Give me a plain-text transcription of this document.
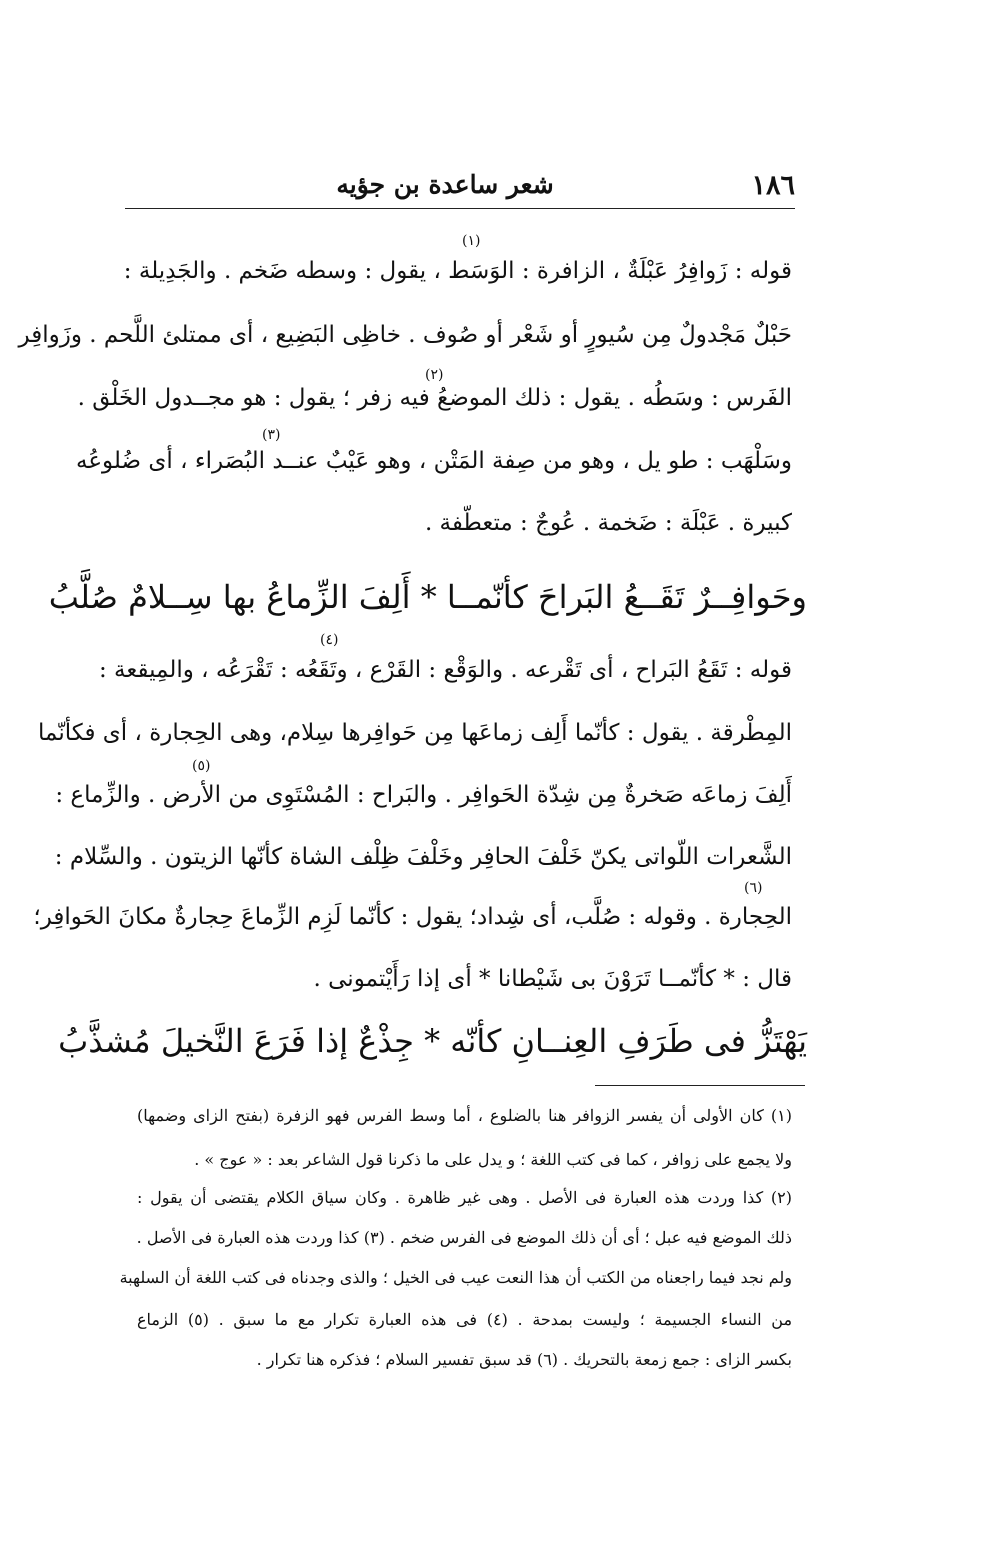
١٨٦
شعر ساعدة بن جؤيه
(١)
(٢)
(٣)
(٤)
(٥)
(٦)
قوله : زَوافِرُ عَبْلَةٌ ، الزافرة : الوَسَط ، يقول : وسطه ضَخم . والجَدِيلة :
حَبْلٌ مَجْدولٌ مِن سُيورٍ أو شَعْر أو صُوف . خاظِى البَضِيع ، أى ممتلئ اللَّحم . وزَوافِر
الفَرس : وسَطُه . يقول : ذلك الموضعُ فيه زفر ؛ يقول : هو مجــدول الخَلْق .
وسَلْهَب : طو يل ، وهو من صِفة المَتْن ، وهو عَيْبٌ عنــد البُصَراء ، أى ضُلوعُه
كبيرة . عَبْلَة : ضَخمة . عُوجٌ : متعطّفة .
وحَوافِــرٌ تَقَــعُ البَراحَ كأنّمــا * أَلِفَ الزِّماعُ بها سِــلامٌ صُلَّبُ
قوله : تَقَعُ البَراح ، أى تَقْرعه . والوَقْع : القَرْع ، وتَقَعُه : تَقْرَعُه ، والمِيقعة :
المِطْرقة . يقول : كأنّما أَلِف زماعَها مِن حَوافِرها سِلام، وهى الحِجارة ، أى فكأنّما
أَلِفَ زماعَه صَخرةٌ مِن شِدّة الحَوافِر . والبَراح : المُسْتَوِى من الأرض . والزِّماع :
الشَّعرات اللّواتى يكنّ خَلْفَ الحافِر وخَلْفَ ظِلْف الشاة كأنّها الزيتون . والسِّلام :
الحِجارة . وقوله : صُلَّب، أى شِداد؛ يقول : كأنّما لَزِم الزِّماعَ حِجارةٌ مكانَ الحَوافِر؛
قال : * كأنّمــا تَرَوْنَ بى شَيْطانا * أى إذا رَأَيْتمونى .
يَهْتَزُّ فى طَرَفِ العِنــانِ كأنّه * جِذْعٌ إذا فَرَعَ النَّخيلَ مُشذَّبُ
(١) كان الأولى أن يفسر الزوافر هنا بالضلوع ، أما وسط الفرس فهو الزفرة (بفتح الزاى وضمها)
ولا يجمع على زوافر ، كما فى كتب اللغة ؛ و يدل على ما ذكرنا قول الشاعر بعد : « عوج » .
(٢) كذا وردت هذه العبارة فى الأصل . وهى غير ظاهرة . وكان سياق الكلام يقتضى أن يقول :
ذلك الموضع فيه عبل ؛ أى أن ذلك الموضع فى الفرس ضخم . (٣) كذا وردت هذه العبارة فى الأصل .
ولم نجد فيما راجعناه من الكتب أن هذا النعت عيب فى الخيل ؛ والذى وجدناه فى كتب اللغة أن السلهبة
من النساء الجسيمة ؛ وليست بمدحة . (٤) فى هذه العبارة تكرار مع ما سبق . (٥) الزماع
بكسر الزاى : جمع زمعة بالتحريك . (٦) قد سبق تفسير السلام ؛ فذكره هنا تكرار .
